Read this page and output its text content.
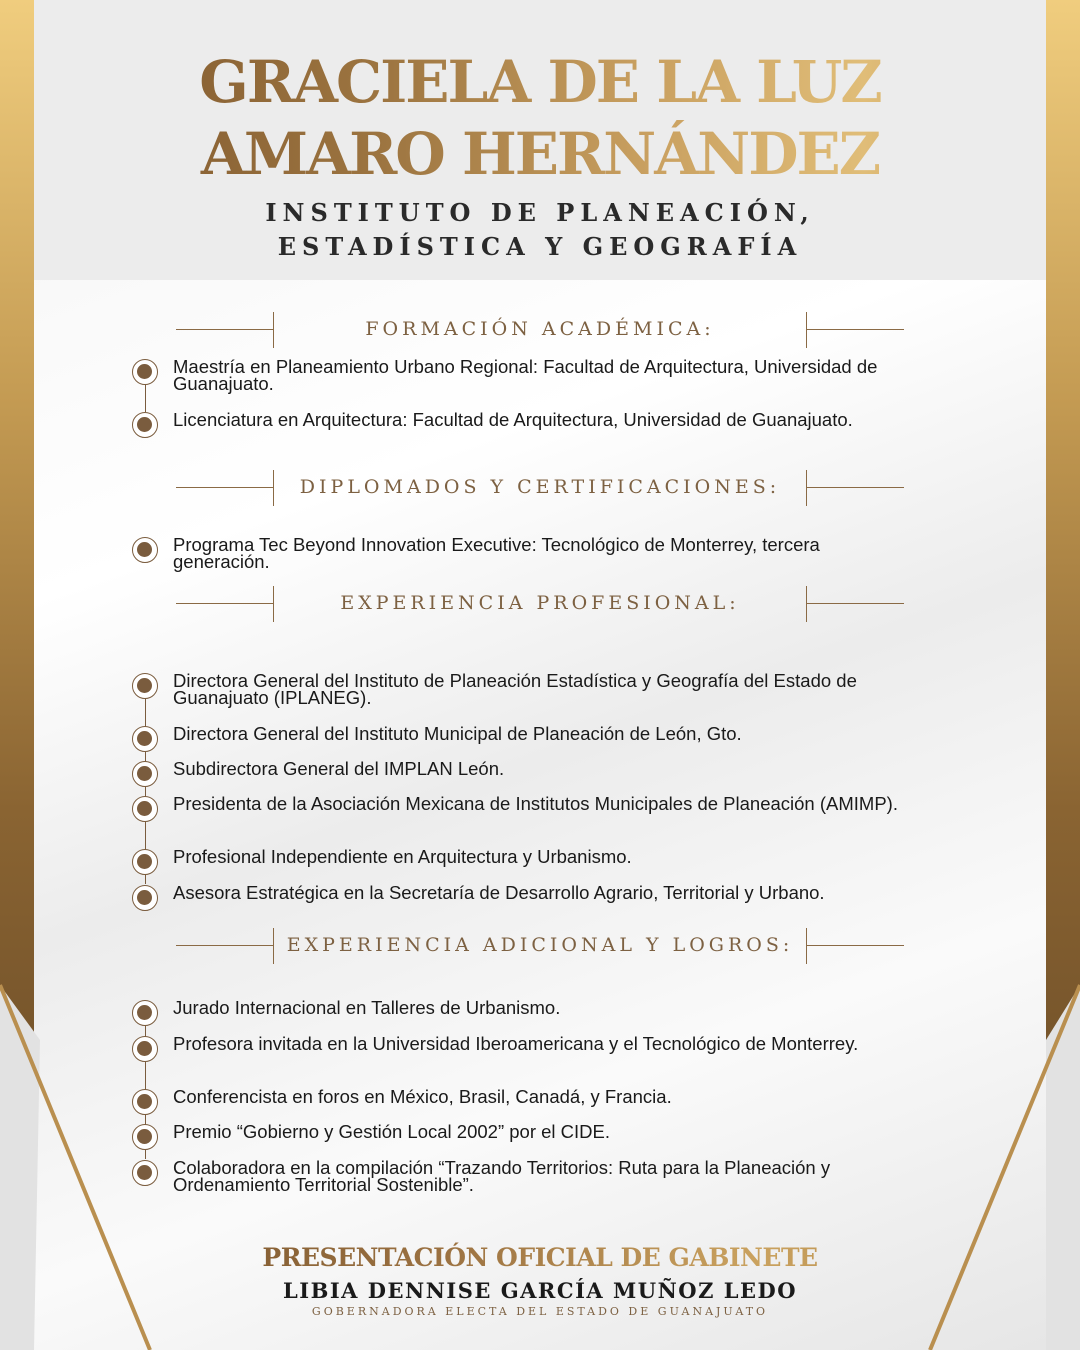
GRACIELA DE LA LUZ
AMARO HERNÁNDEZ
INSTITUTO DE PLANEACIÓN,
ESTADÍSTICA Y GEOGRAFÍA
FORMACIÓN ACADÉMICA:
Maestría en Planeamiento Urbano Regional: Facultad de Arquitectura, Universidad de Guanajuato.
Licenciatura en Arquitectura: Facultad de Arquitectura, Universidad de Guanajuato.
DIPLOMADOS Y CERTIFICACIONES:
Programa Tec Beyond Innovation Executive: Tecnológico de Monterrey, tercera generación.
EXPERIENCIA PROFESIONAL:
Directora General del Instituto de Planeación Estadística y Geografía del Estado de Guanajuato (IPLANEG).
Directora General del Instituto Municipal de Planeación de León, Gto.
Subdirectora General del IMPLAN León.
Presidenta de la Asociación Mexicana de Institutos Municipales de Planeación (AMIMP).
Profesional Independiente en Arquitectura y Urbanismo.
Asesora Estratégica en la Secretaría de Desarrollo Agrario, Territorial y Urbano.
EXPERIENCIA ADICIONAL Y LOGROS:
Jurado Internacional en Talleres de Urbanismo.
Profesora invitada en la Universidad Iberoamericana y el Tecnológico de Monterrey.
Conferencista en foros en México, Brasil, Canadá, y Francia.
Premio “Gobierno y Gestión Local 2002” por el CIDE.
Colaboradora en la compilación “Trazando Territorios: Ruta para la Planeación y Ordenamiento Territorial Sostenible”.
PRESENTACIÓN OFICIAL DE GABINETE
LIBIA DENNISE GARCÍA MUÑOZ LEDO
GOBERNADORA ELECTA DEL ESTADO DE GUANAJUATO
